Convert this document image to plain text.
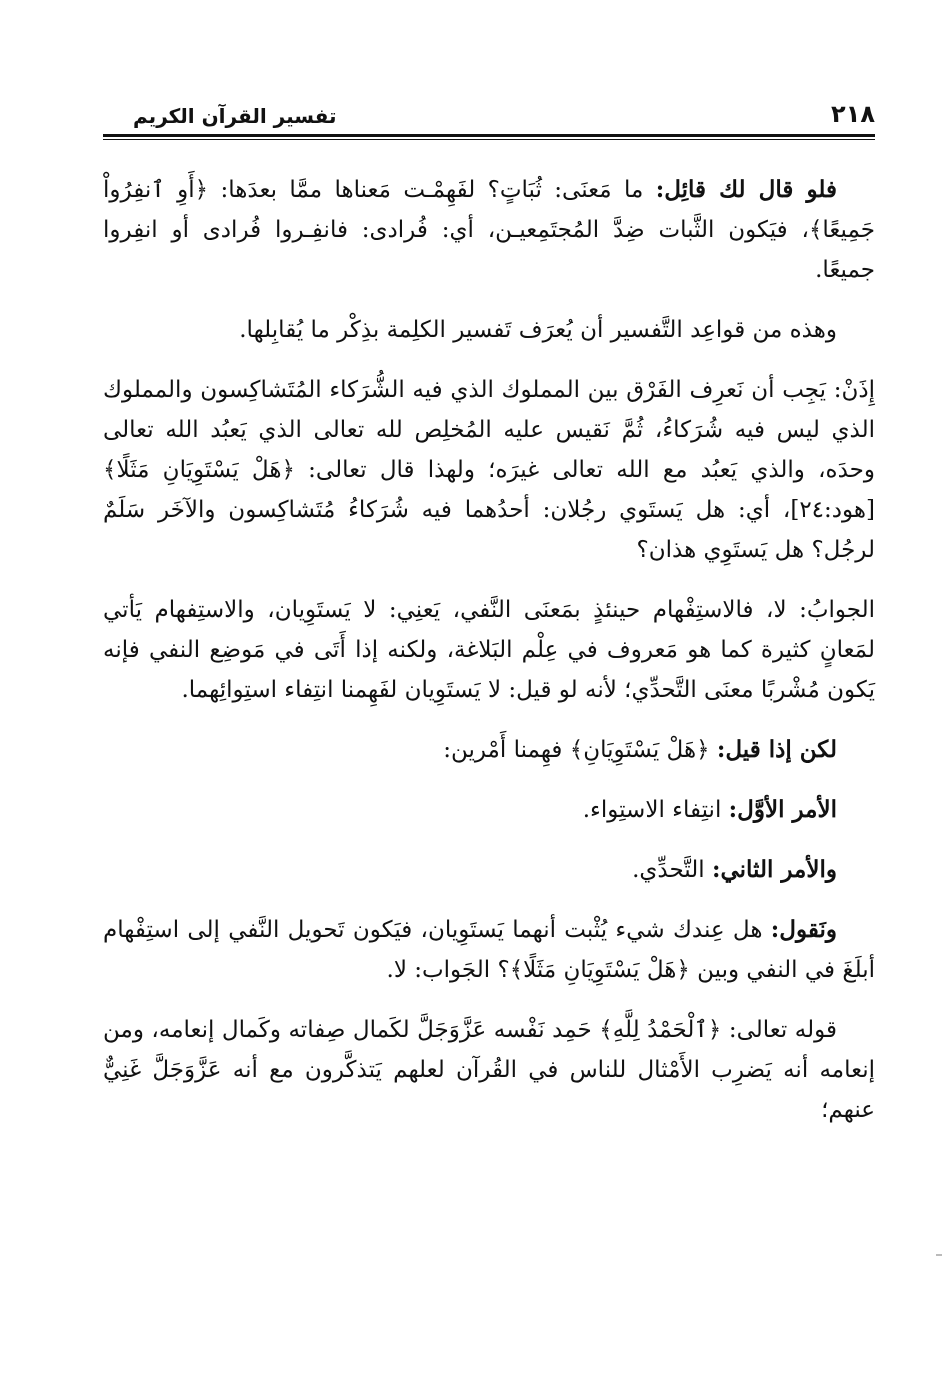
٢١٨
تفسير القرآن الكريم

فلو قال لك قائِل: ما مَعنَى: ثُبَاتٍ؟ لفَهِمْـت مَعناها ممَّا بعدَها: ﴿أَوِ ٱنفِرُواْ جَمِيعًا﴾، فيَكون الثَّبات ضِدَّ المُجتَمِعيـن، أي: فُرادى: فانفِـروا فُرادى أو انفِروا جميعًا.

وهذه من قواعِد التَّفسير أن يُعرَف تَفسير الكلِمة بذِكْر ما يُقابِلها.

إِذَنْ: يَجِب أن نَعرِف الفَرْق بين المملوك الذي فيه الشُّرَكاء المُتَشاكِسون والمملوك الذي ليس فيه شُرَكاءُ، ثُمَّ نَقيس عليه المُخلِص لله تعالى الذي يَعبُد الله تعالى وحدَه، والذي يَعبُد مع الله تعالى غيرَه؛ ولهذا قال تعالى: ﴿هَلْ يَسْتَوِيَانِ مَثَلًا﴾ [هود:٢٤]، أي: هل يَستَوي رجُلان: أحدُهما فيه شُرَكاءُ مُتَشاكِسون والآخَر سَلَمٌ لرجُل؟ هل يَستَوِي هذان؟

الجوابُ: لا، فالاستِفْهام حينئذٍ بمَعنَى النَّفي، يَعنِي: لا يَستَوِيان، والاستِفهام يَأتي لمَعانٍ كثيرة كما هو مَعروف في عِلْم البَلاغة، ولكنه إذا أَتَى في مَوضِع النفي فإنه يَكون مُشْربًا معنَى التَّحدِّي؛ لأنه لو قيل: لا يَستَوِيان لفَهِمنا انتِفاء استِوائِهما.

لكن إذا قيل: ﴿هَلْ يَسْتَوِيَانِ﴾ فهِمنا أَمْرين:

الأمر الأوَّل: انتِفاء الاستِواء.

والأمر الثاني: التَّحدِّي.

ونَقول: هل عِندك شيء يُثْبت أنهما يَستَوِيان، فيَكون تَحويل النَّفي إلى استِفْهام أبلَغَ في النفي وبين ﴿هَلْ يَسْتَوِيَانِ مَثَلًا﴾؟ الجَواب: لا.

قوله تعالى: ﴿ٱلْحَمْدُ لِلَّهِ﴾ حَمِد نَفْسه عَزَّوَجَلَّ لكَمال صِفاته وكَمال إنعامه، ومن إنعامه أنه يَضرِب الأَمْثال للناس في القُرآن لعلهم يَتذكَّرون مع أنه عَزَّوَجَلَّ غَنِيٌّ عنهم؛
